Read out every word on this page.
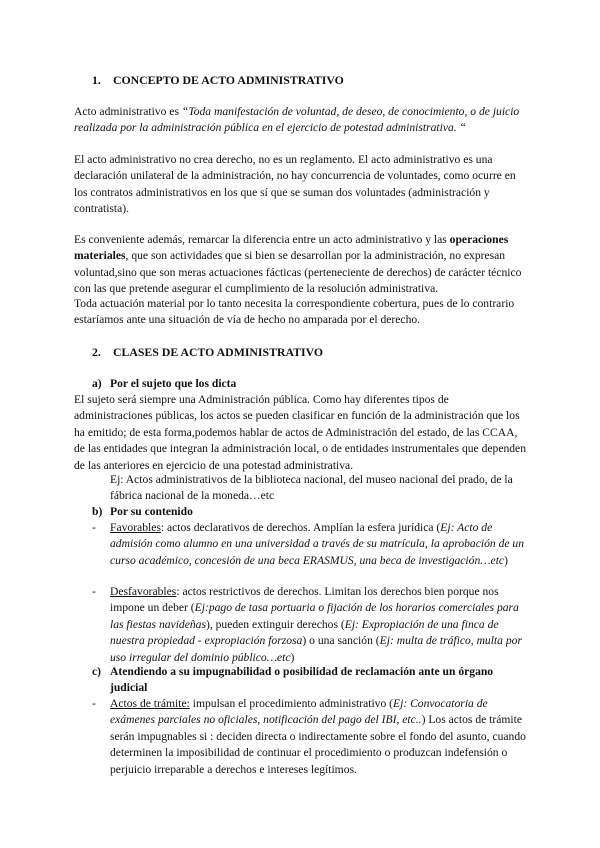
1. CONCEPTO DE ACTO ADMINISTRATIVO

Acto administrativo es “Toda manifestación de voluntad, de deseo, de conocimiento, o de juicio realizada por la administración pública en el ejercicio de potestad administrativa. “

El acto administrativo no crea derecho, no es un reglamento. El acto administrativo es una declaración unilateral de la administración, no hay concurrencia de voluntades, como ocurre en los contratos administrativos en los que sí que se suman dos voluntades (administración y contratista).

Es conveniente además, remarcar la diferencia entre un acto administrativo y las operaciones materiales, que son actividades que si bien se desarrollan por la administración, no expresan voluntad,sino que son meras actuaciones fácticas (perteneciente de derechos) de carácter técnico con las que pretende asegurar el cumplimiento de la resolución administrativa.

Toda actuación material por lo tanto necesita la correspondiente cobertura, pues de lo contrario estaríamos ante una situación de vía de hecho no amparada por el derecho.

2. CLASES DE ACTO ADMINISTRATIVO
a) Por el sujeto que los dicta

El sujeto será siempre una Administración pública. Como hay diferentes tipos de administraciones públicas, los actos se pueden clasificar en función de la administración que los ha emitido; de esta forma,podemos hablar de actos de Administración del estado, de las CCAA, de las entidades que integran la administración local, o de entidades instrumentales que dependen de las anteriores en ejercicio de una potestad administrativa.

Ej: Actos administrativos de la biblioteca nacional, del museo nacional del prado, de la fábrica nacional de la moneda…etc

b) Por su contenido
-	Favorables: actos declarativos de derechos. Amplían la esfera jurídica (Ej: Acto de admisión como alumno en una universidad a través de su matrícula, la aprobación de un curso académico, concesión de una beca ERASMUS, una beca de investigación…etc)

-	Desfavorables: actos restrictivos de derechos. Limitan los derechos bien porque nos impone un deber (Ej:pago de tasa portuaria o fijación de los horarios comerciales para las fiestas navideñas), pueden extinguir derechos (Ej: Expropiación de una finca de nuestra propiedad - expropiación forzosa) o una sanción (Ej: multa de tráfico, multa por uso irregular del dominio público…etc)

c) Atendiendo a su impugnabilidad o posibilidad de reclamación ante un órgano judicial

-	Actos de trámite: impulsan el procedimiento administrativo (Ej: Convocatoria de exámenes parciales no oficiales, notificación del pago del IBI, etc..) Los actos de trámite serán impugnables si : deciden directa o indirectamente sobre el fondo del asunto, cuando determinen la imposibilidad de continuar el procedimiento o produzcan indefensión o perjuicio irreparable a derechos e intereses legítimos.
